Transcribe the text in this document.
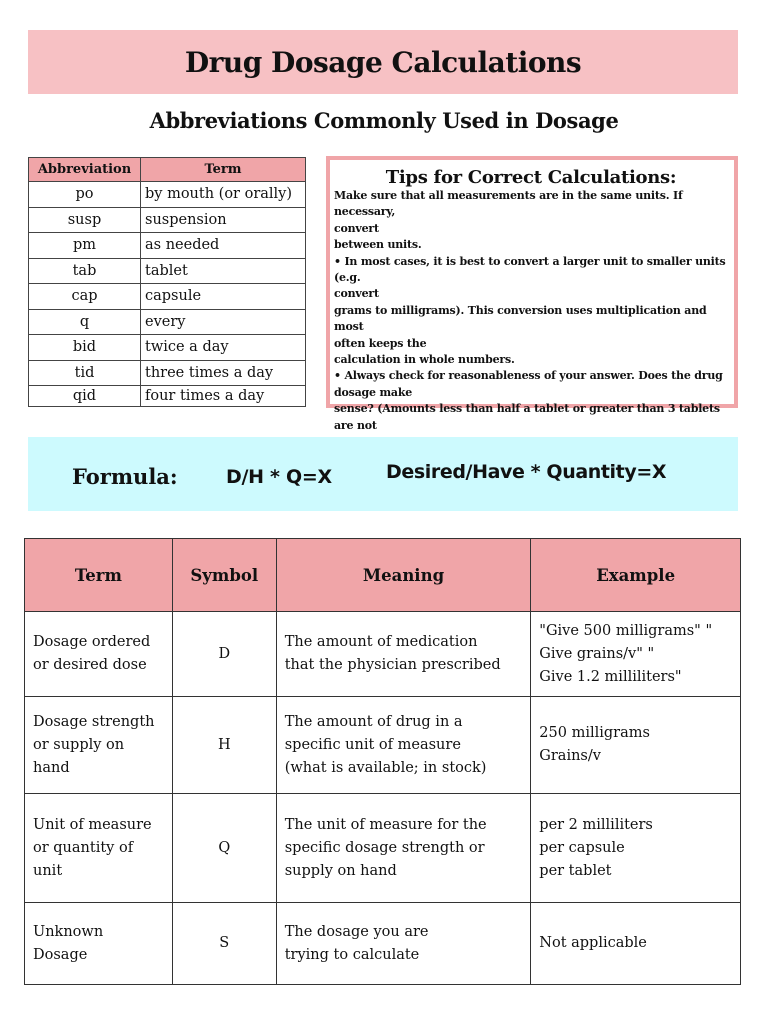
Drug Dosage Calculations
Abbreviations Commonly Used in Dosage
Abbreviation	Term
po	by mouth (or orally)
susp	suspension
pm	as needed
tab	tablet
cap	capsule
q	every
bid	twice a day
tid	three times a day
qid	four times a day
Tips for Correct Calculations:
Make sure that all measurements are in the same units. If necessary,
convert
between units.
• In most cases, it is best to convert a larger unit to smaller units (e.g.
convert
grams to milligrams). This conversion uses multiplication and most
often keeps the
calculation in whole numbers.
• Always check for reasonableness of your answer. Does the drug
dosage make
sense? (Amounts less than half a tablet or greater than 3 tablets are not
Formula:	D/H * Q=X	Desired/Have * Quantity=X
Term	Symbol	Meaning	Example

Dosage ordered
or desired dose	D	The amount of medication
that the physician prescribed	"Give 500 milligrams" "
Give grains/v" "
Give 1.2 milliliters"

Dosage strength
or supply on
hand	H	The amount of drug in a
specific unit of measure
(what is available; in stock)	250 milligrams
Grains/v

Unit of measure
or quantity of
unit	Q	The unit of measure for the
specific dosage strength or
supply on hand	per 2 milliliters
per capsule
per tablet

Unknown
Dosage	S	The dosage you are
trying to calculate	Not applicable
